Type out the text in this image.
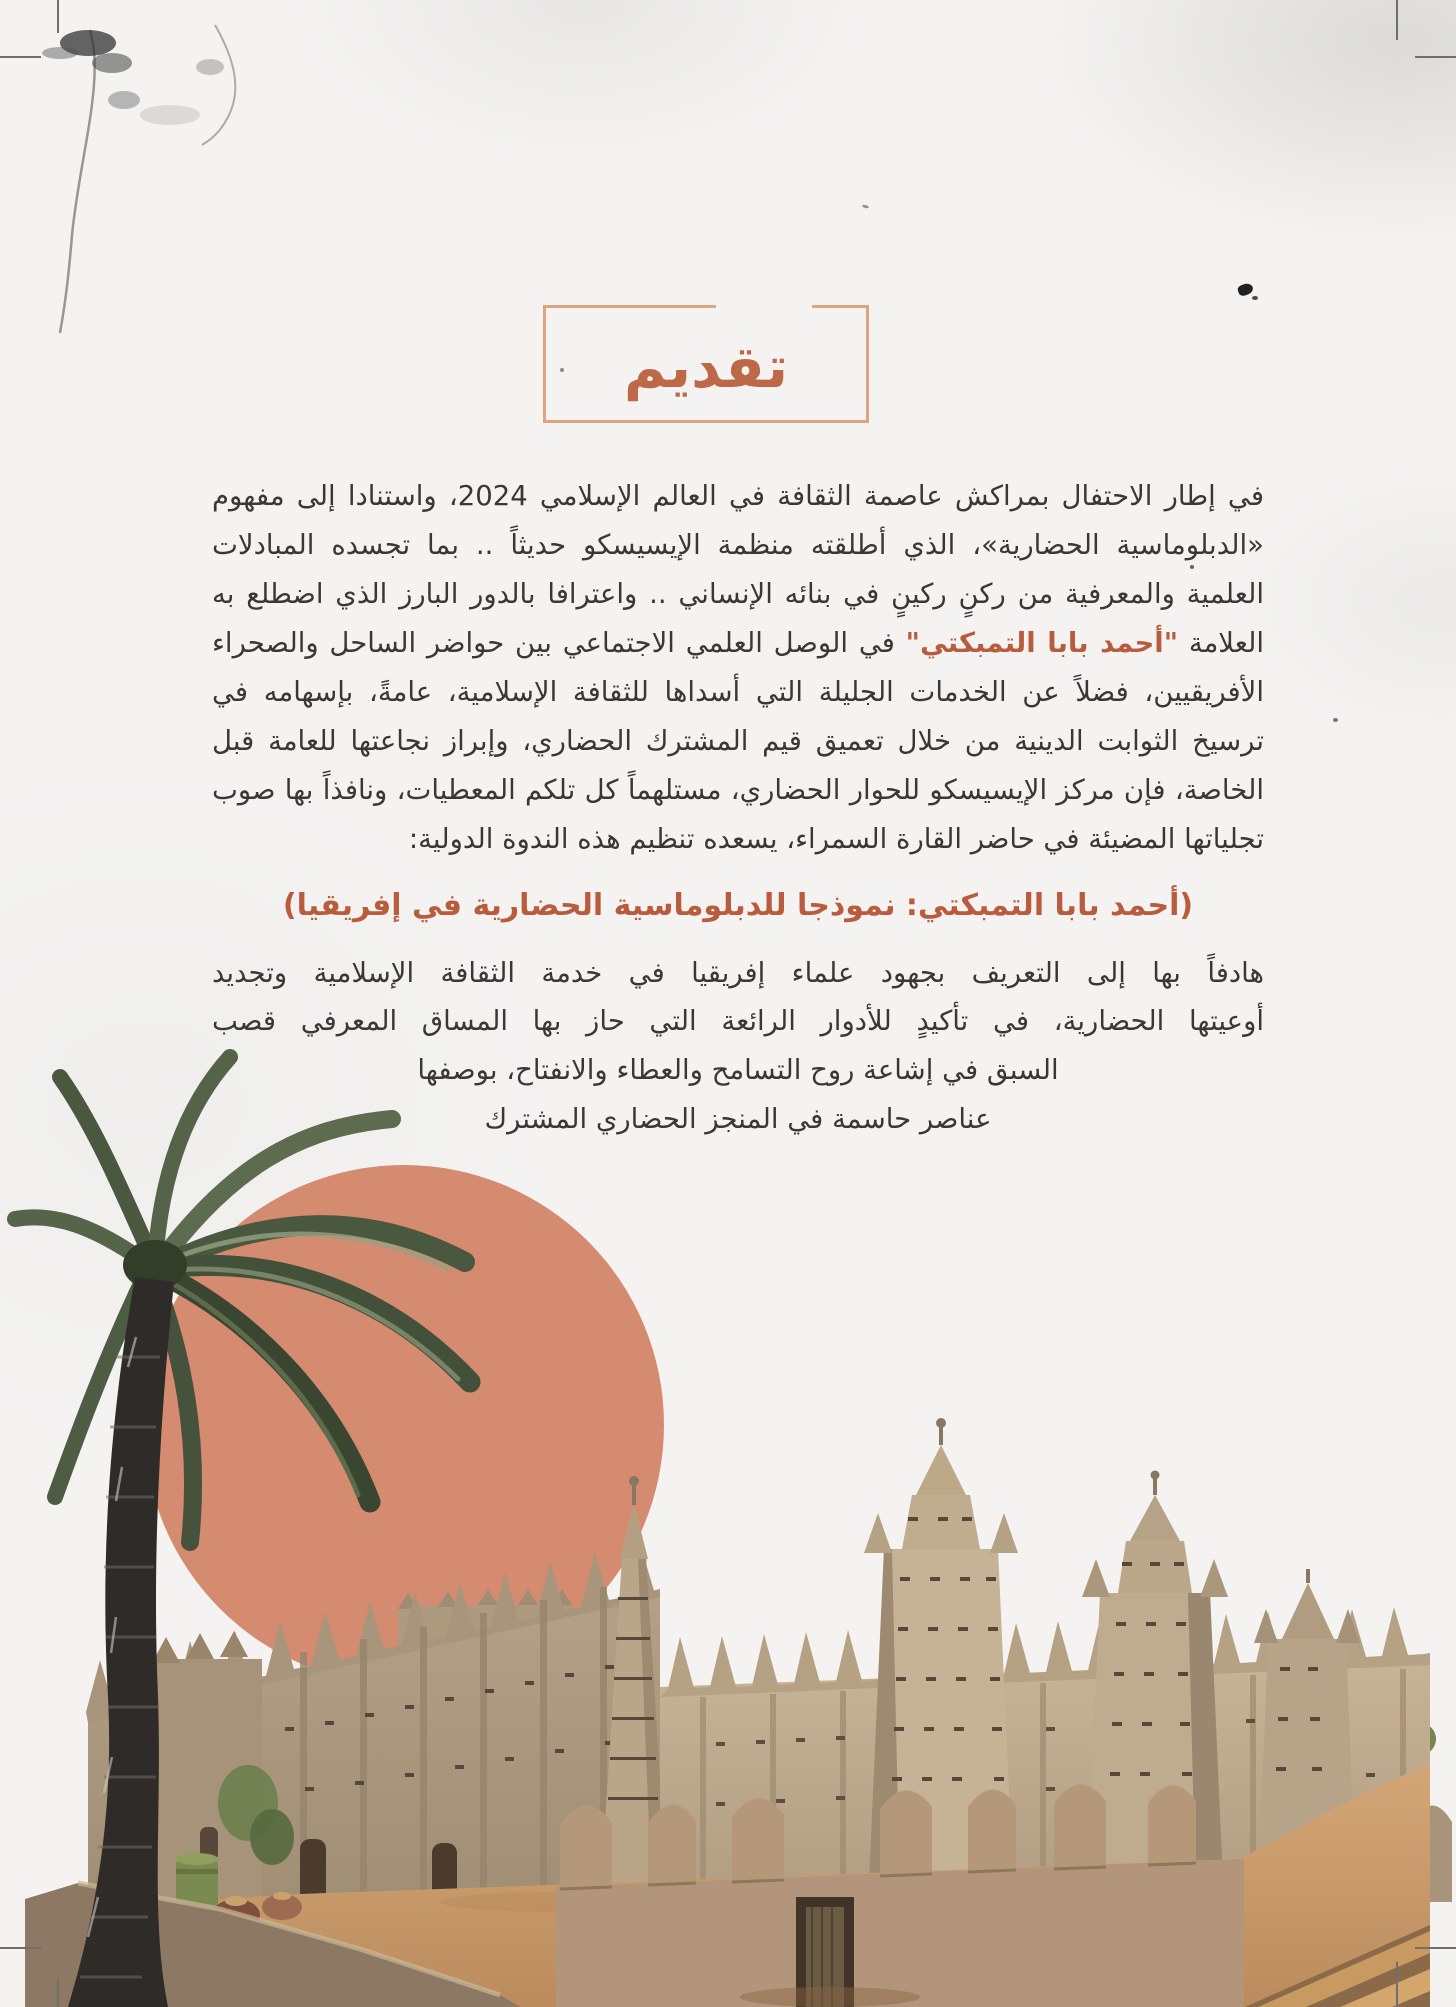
تقديم

في إطار الاحتفال بمراكش عاصمة الثقافة في العالم الإسلامي 2024، واستنادا إلى مفهوم «الدبلوماسية الحضارية»، الذي أطلقته منظمة الإيسيسكو حديثاً .. بما تجسده المبادلات العلمية والمعرفية من ركنٍ ركينٍ في بنائه الإنساني .. واعترافا بالدور البارز الذي اضطلع به العلامة "أحمد بابا التمبكتي" في الوصل العلمي الاجتماعي بين حواضر الساحل والصحراء الأفريقيين، فضلاً عن الخدمات الجليلة التي أسداها للثقافة الإسلامية، عامةً، بإسهامه في ترسيخ الثوابت الدينية من خلال تعميق قيم المشترك الحضاري، وإبراز نجاعتها للعامة قبل الخاصة، فإن مركز الإيسيسكو للحوار الحضاري، مستلهماً كل تلكم المعطيات، ونافذاً بها صوب تجلياتها المضيئة في حاضر القارة السمراء، يسعده تنظيم هذه الندوة الدولية:

(أحمد بابا التمبكتي: نموذجا للدبلوماسية الحضارية في إفريقيا)
هادفاً بها إلى التعريف بجهود علماء إفريقيا في خدمة الثقافة الإسلامية وتجديد
أوعيتها الحضارية، في تأكيدٍ للأدوار الرائعة التي حاز بها المساق المعرفي قصب
السبق في إشاعة روح التسامح والعطاء والانفتاح، بوصفها
عناصر حاسمة في المنجز الحضاري المشترك
